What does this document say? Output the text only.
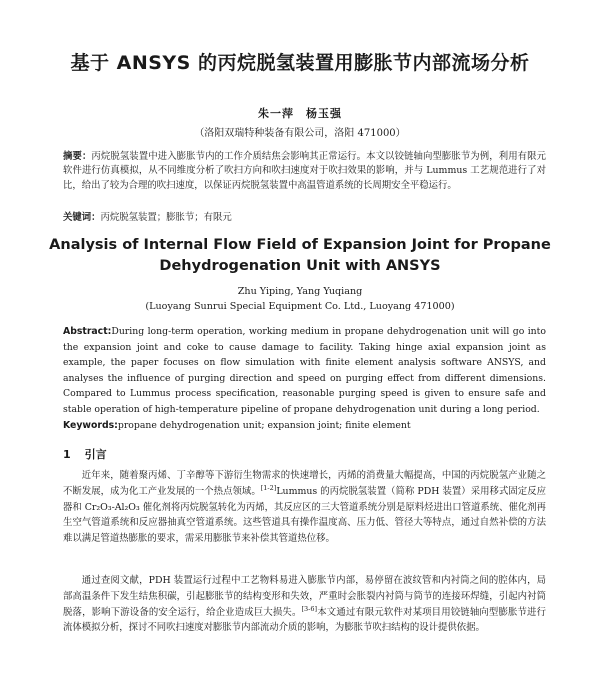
基于 ANSYS 的丙烷脱氢装置用膨胀节内部流场分析
朱一萍　杨玉强
（洛阳双瑞特种装备有限公司，洛阳 471000）
摘要：丙烷脱氢装置中进入膨胀节内的工作介质结焦会影响其正常运行。本文以铰链轴向型膨胀节为例，利用有限元软件进行仿真模拟，从不同维度分析了吹扫方向和吹扫速度对于吹扫效果的影响，并与 Lummus 工艺规范进行了对比，给出了较为合理的吹扫速度，以保证丙烷脱氢装置中高温管道系统的长周期安全平稳运行。
关键词：丙烷脱氢装置；膨胀节；有限元
Analysis of Internal Flow Field of Expansion Joint for Propane Dehydrogenation Unit with ANSYS
Zhu Yiping, Yang Yuqiang
(Luoyang Sunrui Special Equipment Co. Ltd., Luoyang 471000)
Abstract:During long-term operation, working medium in propane dehydrogenation unit will go into the expansion joint and coke to cause damage to facility. Taking hinge axial expansion joint as example, the paper focuses on flow simulation with finite element analysis software ANSYS, and analyses the influence of purging direction and speed on purging effect from different dimensions. Compared to Lummus process specification, reasonable purging speed is given to ensure safe and stable operation of high-temperature pipeline of propane dehydrogenation unit during a long period.
Keywords:propane dehydrogenation unit; expansion joint; finite element
1 引言
近年来，随着聚丙烯、丁辛醇等下游衍生物需求的快速增长，丙烯的消费量大幅提高，中国的丙烷脱氢产业随之不断发展，成为化工产业发展的一个热点领域。[1-2]Lummus 的丙烷脱氢装置（简称 PDH 装置）采用移式固定反应器和 Cr₂O₃-Al₂O₃ 催化剂将丙烷脱氢转化为丙烯，其反应区的三大管道系统分别是原料烃进出口管道系统、催化剂再生空气管道系统和反应器抽真空管道系统。这些管道具有操作温度高、压力低、管径大等特点，通过自然补偿的方法难以满足管道热膨胀的要求，需采用膨胀节来补偿其管道热位移。
通过查阅文献，PDH 装置运行过程中工艺物料易进入膨胀节内部，易停留在波纹管和内衬筒之间的腔体内，局部高温条件下发生结焦积碳，引起膨胀节的结构变形和失效，严重时会胀裂内衬筒与筒节的连接环焊缝，引起内衬筒脱落，影响下游设备的安全运行，给企业造成巨大损失。[3-6]本文通过有限元软件对某项目用铰链轴向型膨胀节进行流体模拟分析，探讨不同吹扫速度对膨胀节内部流动介质的影响，为膨胀节吹扫结构的设计提供依据。
